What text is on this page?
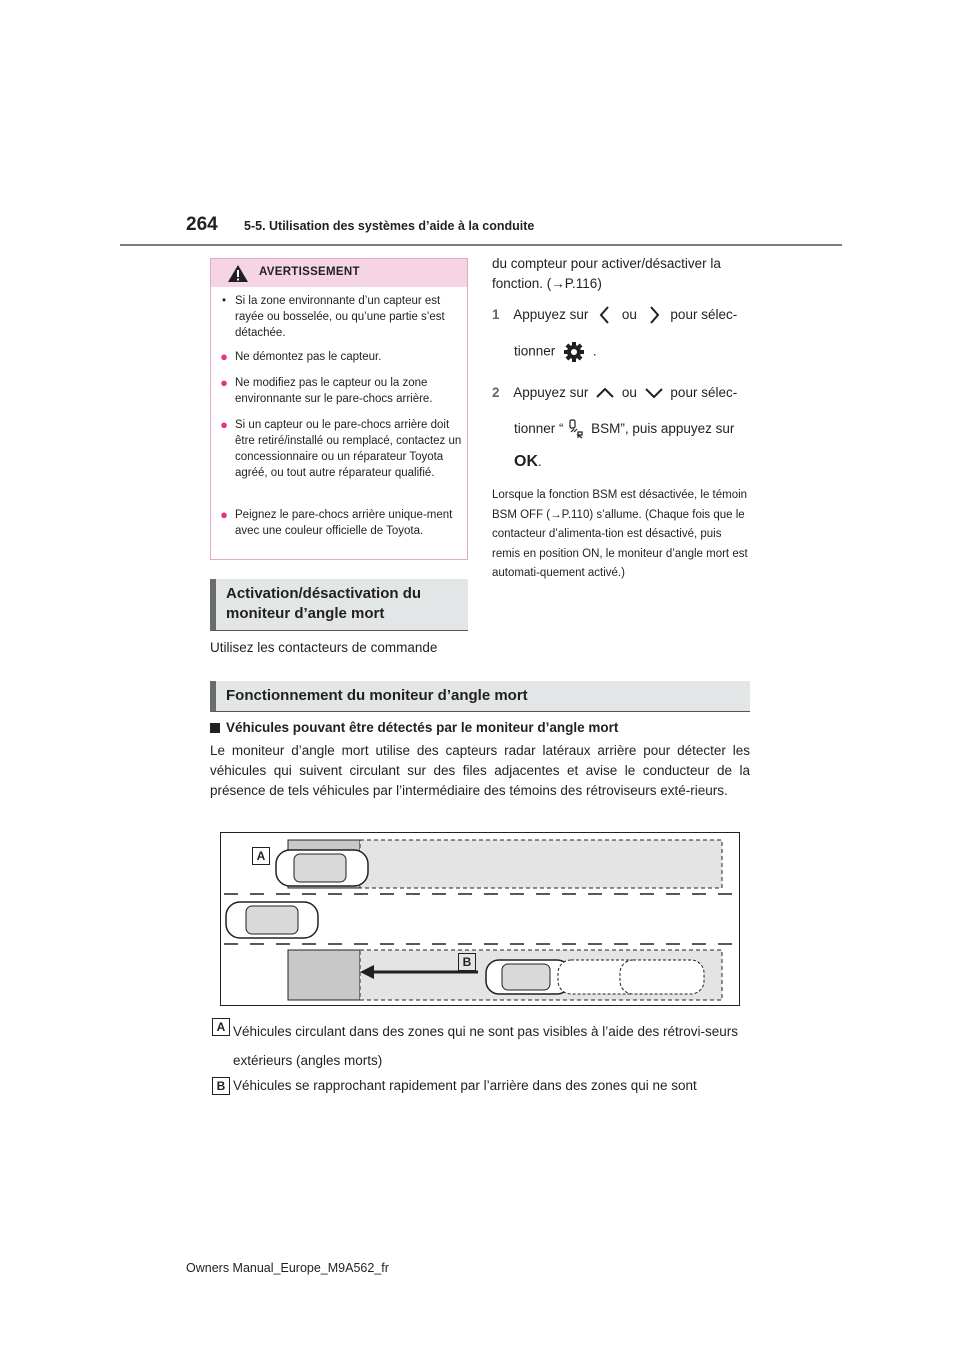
264 5-5. Utilisation des systèmes d’aide à la conduite
AVERTISSEMENT
• Si la zone environnante d’un capteur est rayée ou bosselée, ou qu’une partie s’est détachée.
● Ne démontez pas le capteur.
● Ne modifiez pas le capteur ou la zone environnante sur le pare-chocs arrière.
● Si un capteur ou le pare-chocs arrière doit être retiré/installé ou remplacé, contactez un concessionnaire ou un réparateur Toyota agréé, ou tout autre réparateur qualifié.
● Peignez le pare-chocs arrière unique-ment avec une couleur officielle de Toyota.
Activation/désactivation du moniteur d’angle mort
Utilisez les contacteurs de commande
du compteur pour activer/désactiver la fonction. (→P.116)
1 Appuyez sur ou pour sélec-
tionner	.
2 Appuyez sur ou pour sélec-
tionner “ BSM”, puis appuyez sur
OK.
Lorsque la fonction BSM est désactivée, le témoin BSM OFF (→P.110) s’allume. (Chaque fois que le contacteur d’alimenta-tion est désactivé, puis remis en position ON, le moniteur d’angle mort est automati-quement activé.)
Fonctionnement du moniteur d’angle mort
Véhicules pouvant être détectés par le moniteur d’angle mort
Le moniteur d’angle mort utilise des capteurs radar latéraux arrière pour détecter les véhicules qui suivent circulant sur des files adjacentes et avise le conducteur de la présence de tels véhicules par l’intermédiaire des témoins des rétroviseurs exté-rieurs.
A
B
A Véhicules circulant dans des zones qui ne sont pas visibles à l’aide des rétrovi-seurs extérieurs (angles morts)
B Véhicules se rapprochant rapidement par l’arrière dans des zones qui ne sont
Owners Manual_Europe_M9A562_fr
